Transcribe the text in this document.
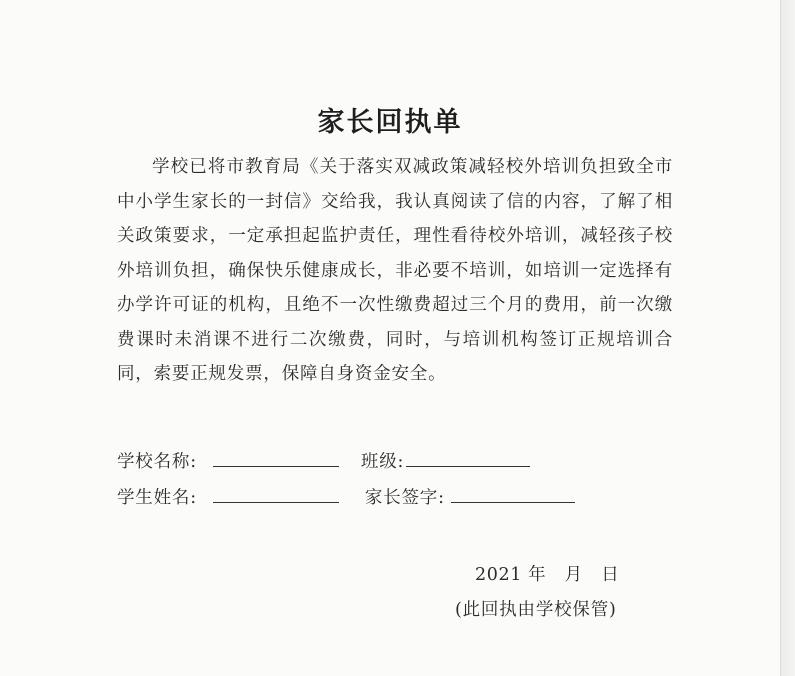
家长回执单
学校已将市教育局《关于落实双减政策减轻校外培训负担致全市中小学生家长的一封信》交给我，我认真阅读了信的内容，了解了相关政策要求，一定承担起监护责任，理性看待校外培训，减轻孩子校外培训负担，确保快乐健康成长，非必要不培训，如培训一定选择有办学许可证的机构，且绝不一次性缴费超过三个月的费用，前一次缴费课时未消课不进行二次缴费，同时，与培训机构签订正规培训合同，索要正规发票，保障自身资金安全。
学校名称:	班级:
学生姓名:	家长签字:
2021 年   月   日
(此回执由学校保管)
